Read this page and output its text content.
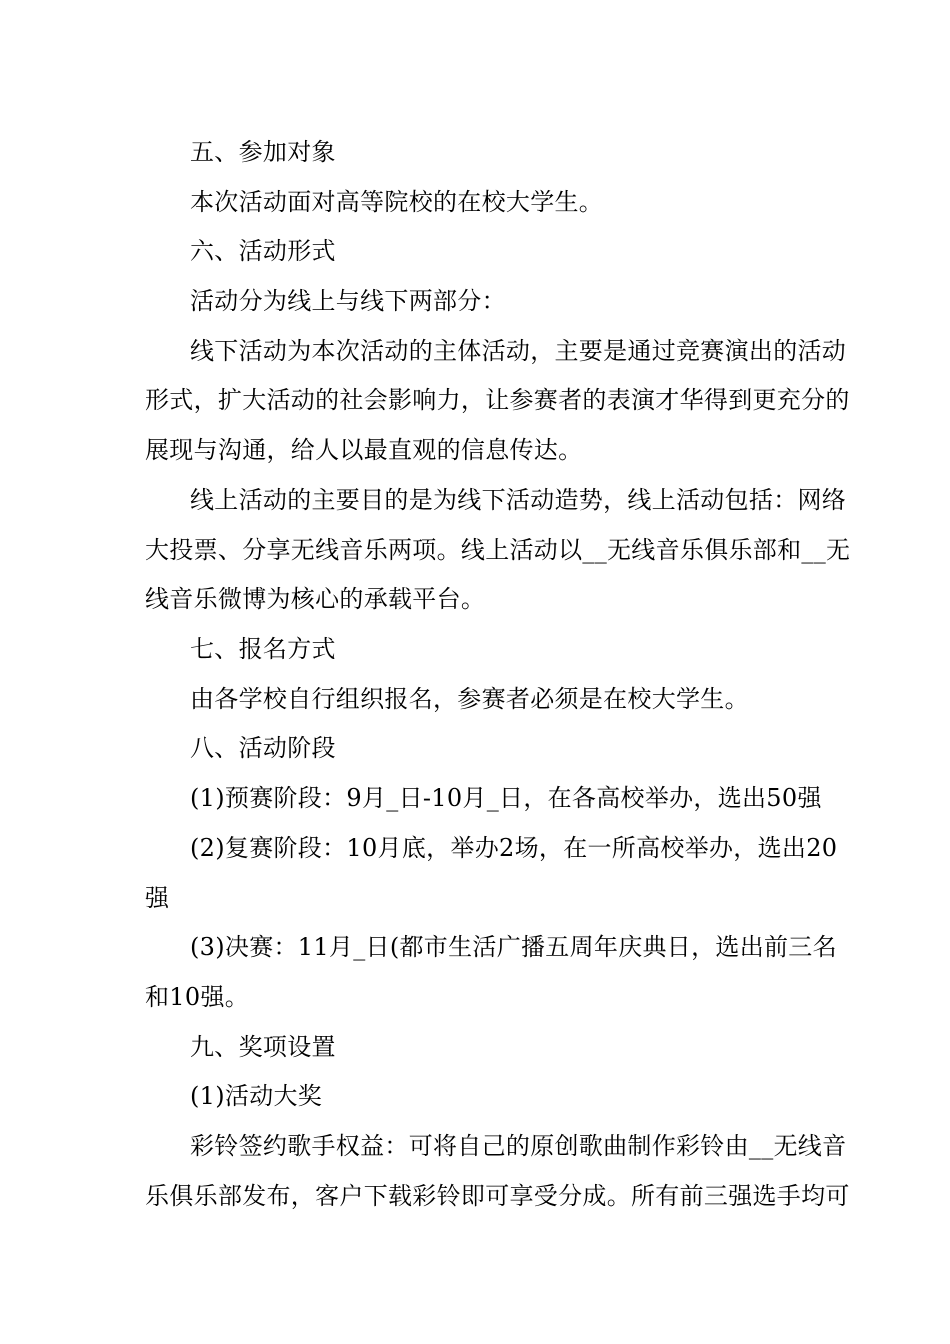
五、参加对象
本次活动面对高等院校的在校大学生。
六、活动形式
活动分为线上与线下两部分：
线下活动为本次活动的主体活动，主要是通过竞赛演出的活动
形式，扩大活动的社会影响力，让参赛者的表演才华得到更充分的
展现与沟通，给人以最直观的信息传达。
线上活动的主要目的是为线下活动造势，线上活动包括：网络
大投票、分享无线音乐两项。线上活动以__无线音乐俱乐部和__无
线音乐微博为核心的承载平台。
七、报名方式
由各学校自行组织报名，参赛者必须是在校大学生。
八、活动阶段
(1)预赛阶段：9月_日-10月_日，在各高校举办，选出50强
(2)复赛阶段：10月底，举办2场，在一所高校举办，选出20
强
(3)决赛：11月_日(都市生活广播五周年庆典日，选出前三名
和10强。
九、奖项设置
(1)活动大奖
彩铃签约歌手权益：可将自己的原创歌曲制作彩铃由__无线音
乐俱乐部发布，客户下载彩铃即可享受分成。所有前三强选手均可
